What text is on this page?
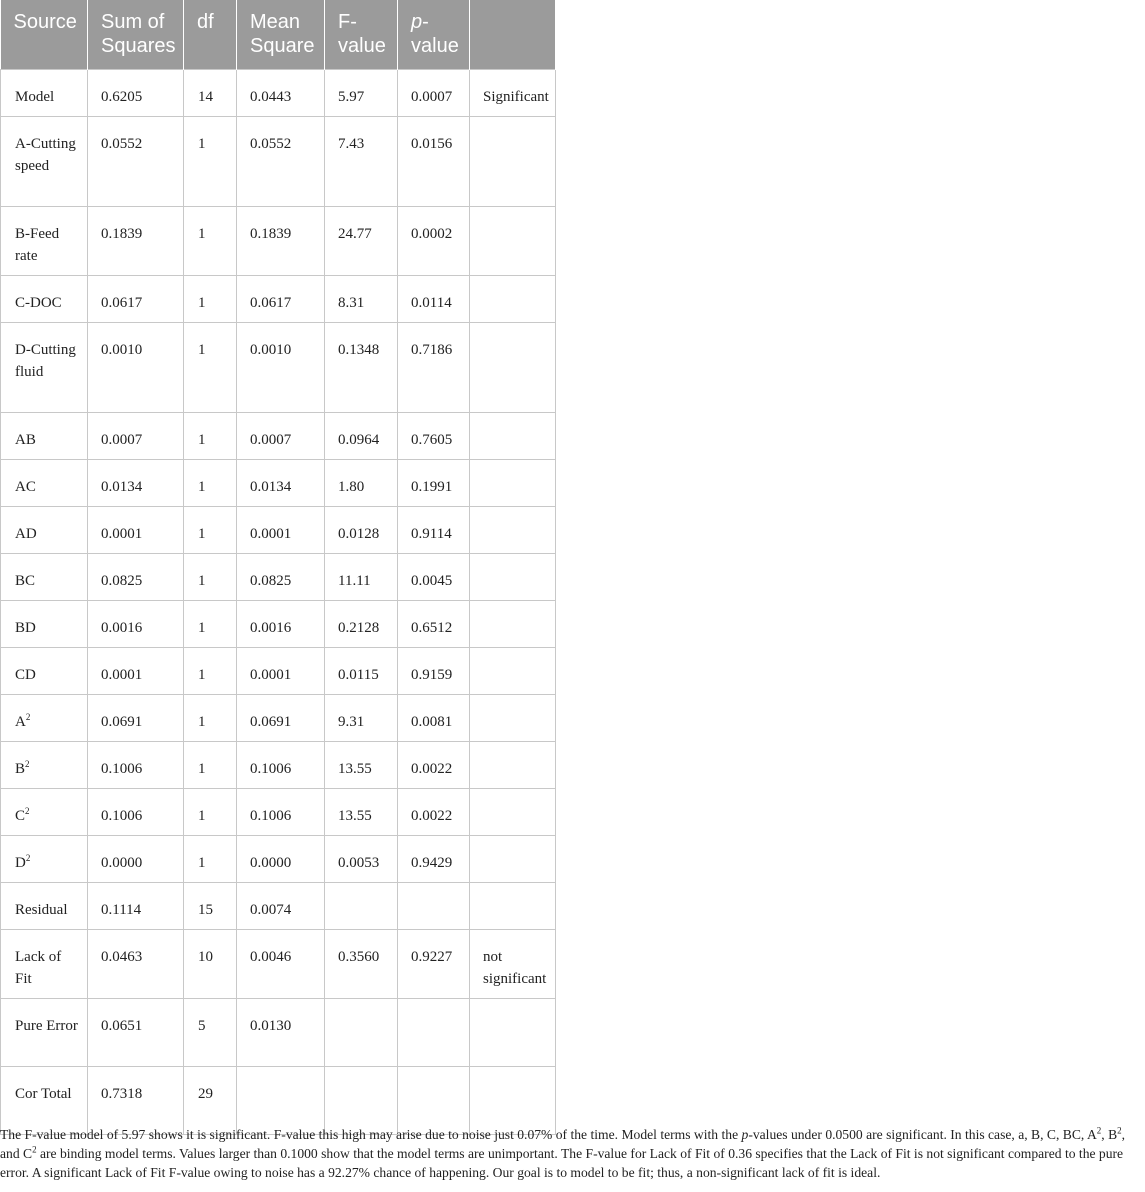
Source	Sum of Squares	df	Mean Square	F-value	p-value	
Model	0.6205	14	0.0443	5.97	0.0007	Significant
A-Cutting speed	0.0552	1	0.0552	7.43	0.0156	
B-Feed rate	0.1839	1	0.1839	24.77	0.0002	
C-DOC	0.0617	1	0.0617	8.31	0.0114	
D-Cutting fluid	0.0010	1	0.0010	0.1348	0.7186	
AB	0.0007	1	0.0007	0.0964	0.7605	
AC	0.0134	1	0.0134	1.80	0.1991	
AD	0.0001	1	0.0001	0.0128	0.9114	
BC	0.0825	1	0.0825	11.11	0.0045	
BD	0.0016	1	0.0016	0.2128	0.6512	
CD	0.0001	1	0.0001	0.0115	0.9159	
$A^2$	0.0691	1	0.0691	9.31	0.0081	
$B^2$	0.1006	1	0.1006	13.55	0.0022	
$C^2$	0.1006	1	0.1006	13.55	0.0022	
$D^2$	0.0000	1	0.0000	0.0053	0.9429	
Residual	0.1114	15	0.0074			
Lack of Fit	0.0463	10	0.0046	0.3560	0.9227	not significant
Pure Error	0.0651	5	0.0130			
Cor Total	0.7318	29				

The F-value model of 5.97 shows it is significant. F-value this high may arise due to noise just 0.07% of the time. Model terms with the p-values under 0.0500 are significant. In this case, a, B, C, BC, $A^2$, $B^2$, and $C^2$ are binding model terms. Values larger than 0.1000 show that the model terms are unimportant. The F-value for Lack of Fit of 0.36 specifies that the Lack of Fit is not significant compared to the pure error. A significant Lack of Fit F-value owing to noise has a 92.27% chance of happening. Our goal is to model to be fit; thus, a non-significant lack of fit is ideal.
